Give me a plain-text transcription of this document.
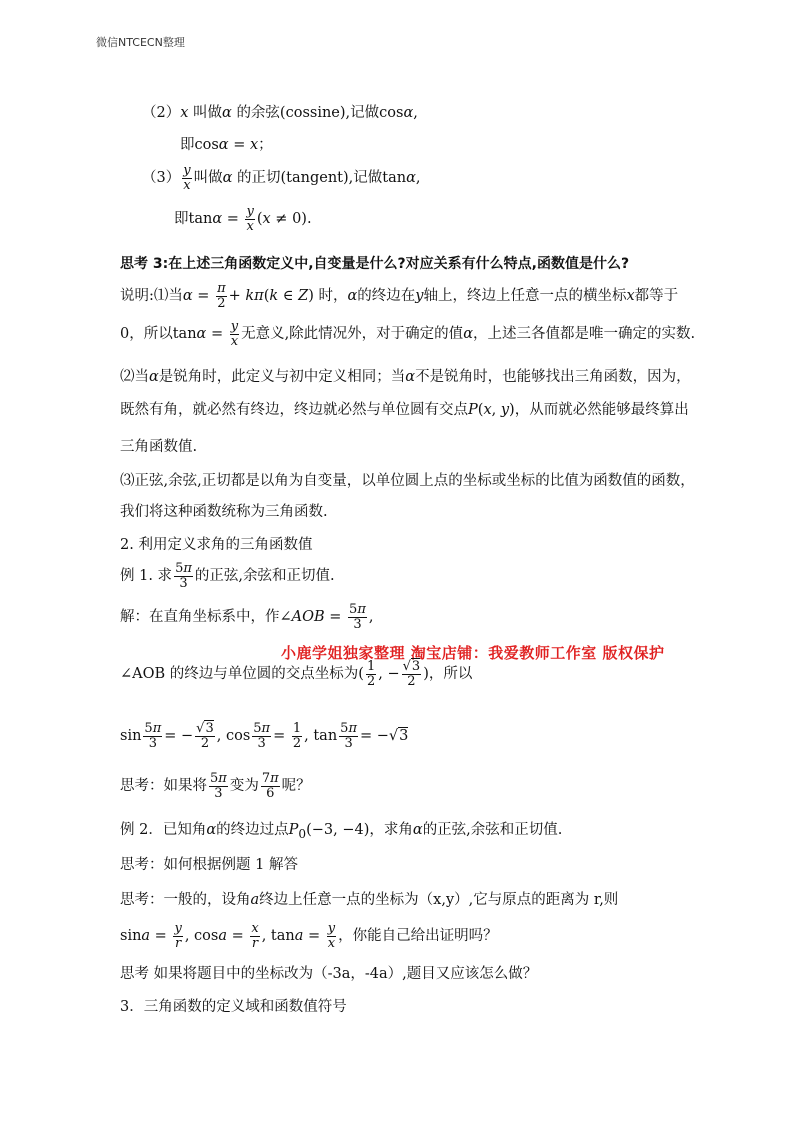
微信NTCECN整理
（2）x 叫做α 的余弦(cossine),记做cosα,
即cosα = x；
$(3) \frac{y}{x}$ 叫做α 的正切(tangent),记做tanα,
即$\tan\alpha = \frac{y}{x} (x \ne 0)$.
思考 3:在上述三角函数定义中,自变量是什么?对应关系有什么特点,函数值是什么?
说明:⑴当$\alpha = \frac{\pi}{2} + k\pi(k$ ∈ Z) 时，α的终边在y轴上，终边上任意一点的横坐标x都等于
0，所以$\tan\alpha = \frac{y}{x}$ 无意义,除此情况外，对于确定的值α，上述三各值都是唯一确定的实数.
⑵当α是锐角时，此定义与初中定义相同；当α不是锐角时，也能够找出三角函数，因为，
既然有角，就必然有终边，终边就必然与单位圆有交点P(x, y)，从而就必然能够最终算出
三角函数值.
⑶正弦,余弦,正切都是以角为自变量，以单位圆上点的坐标或坐标的比值为函数值的函数，
我们将这种函数统称为三角函数.
2. 利用定义求角的三角函数值
例 1. 求 $\frac{5\pi}{3}$ 的正弦,余弦和正切值.
解：在直角坐标系中，作∠AOB = $\frac{5\pi}{3}$ ,
小鹿学姐独家整理 淘宝店铺：我爱教师工作室 版权保护
∠AOB 的终边与单位圆的交点坐标为( $\frac{1}{2}$ , − $\frac{√3}{2}$ )，所以
$\sin \frac{5\pi}{3}$ = − $\frac{√3}{2}$ , $\cos \frac{5\pi}{3} = \frac{1}{2}$ , $\tan \frac{5\pi}{3} = -√3$
思考：如果将 $\frac{5\pi}{3}$ 变为 $\frac{7\pi}{6}$ 呢？
例 2．已知角α的终边过点$P_0(-3$, −4)，求角α的正弦,余弦和正切值.
思考：如何根据例题 1 解答
思考：一般的，设角a终边上任意一点的坐标为（x,y）,它与原点的距离为 r,则
$\sin a = \frac{y}{r}$ , $\cos a = \frac{x}{r}$ , $\tan a = \frac{y}{x}$ ，你能自己给出证明吗？
思考 如果将题目中的坐标改为（-3a，-4a）,题目又应该怎么做？
3．三角函数的定义域和函数值符号
